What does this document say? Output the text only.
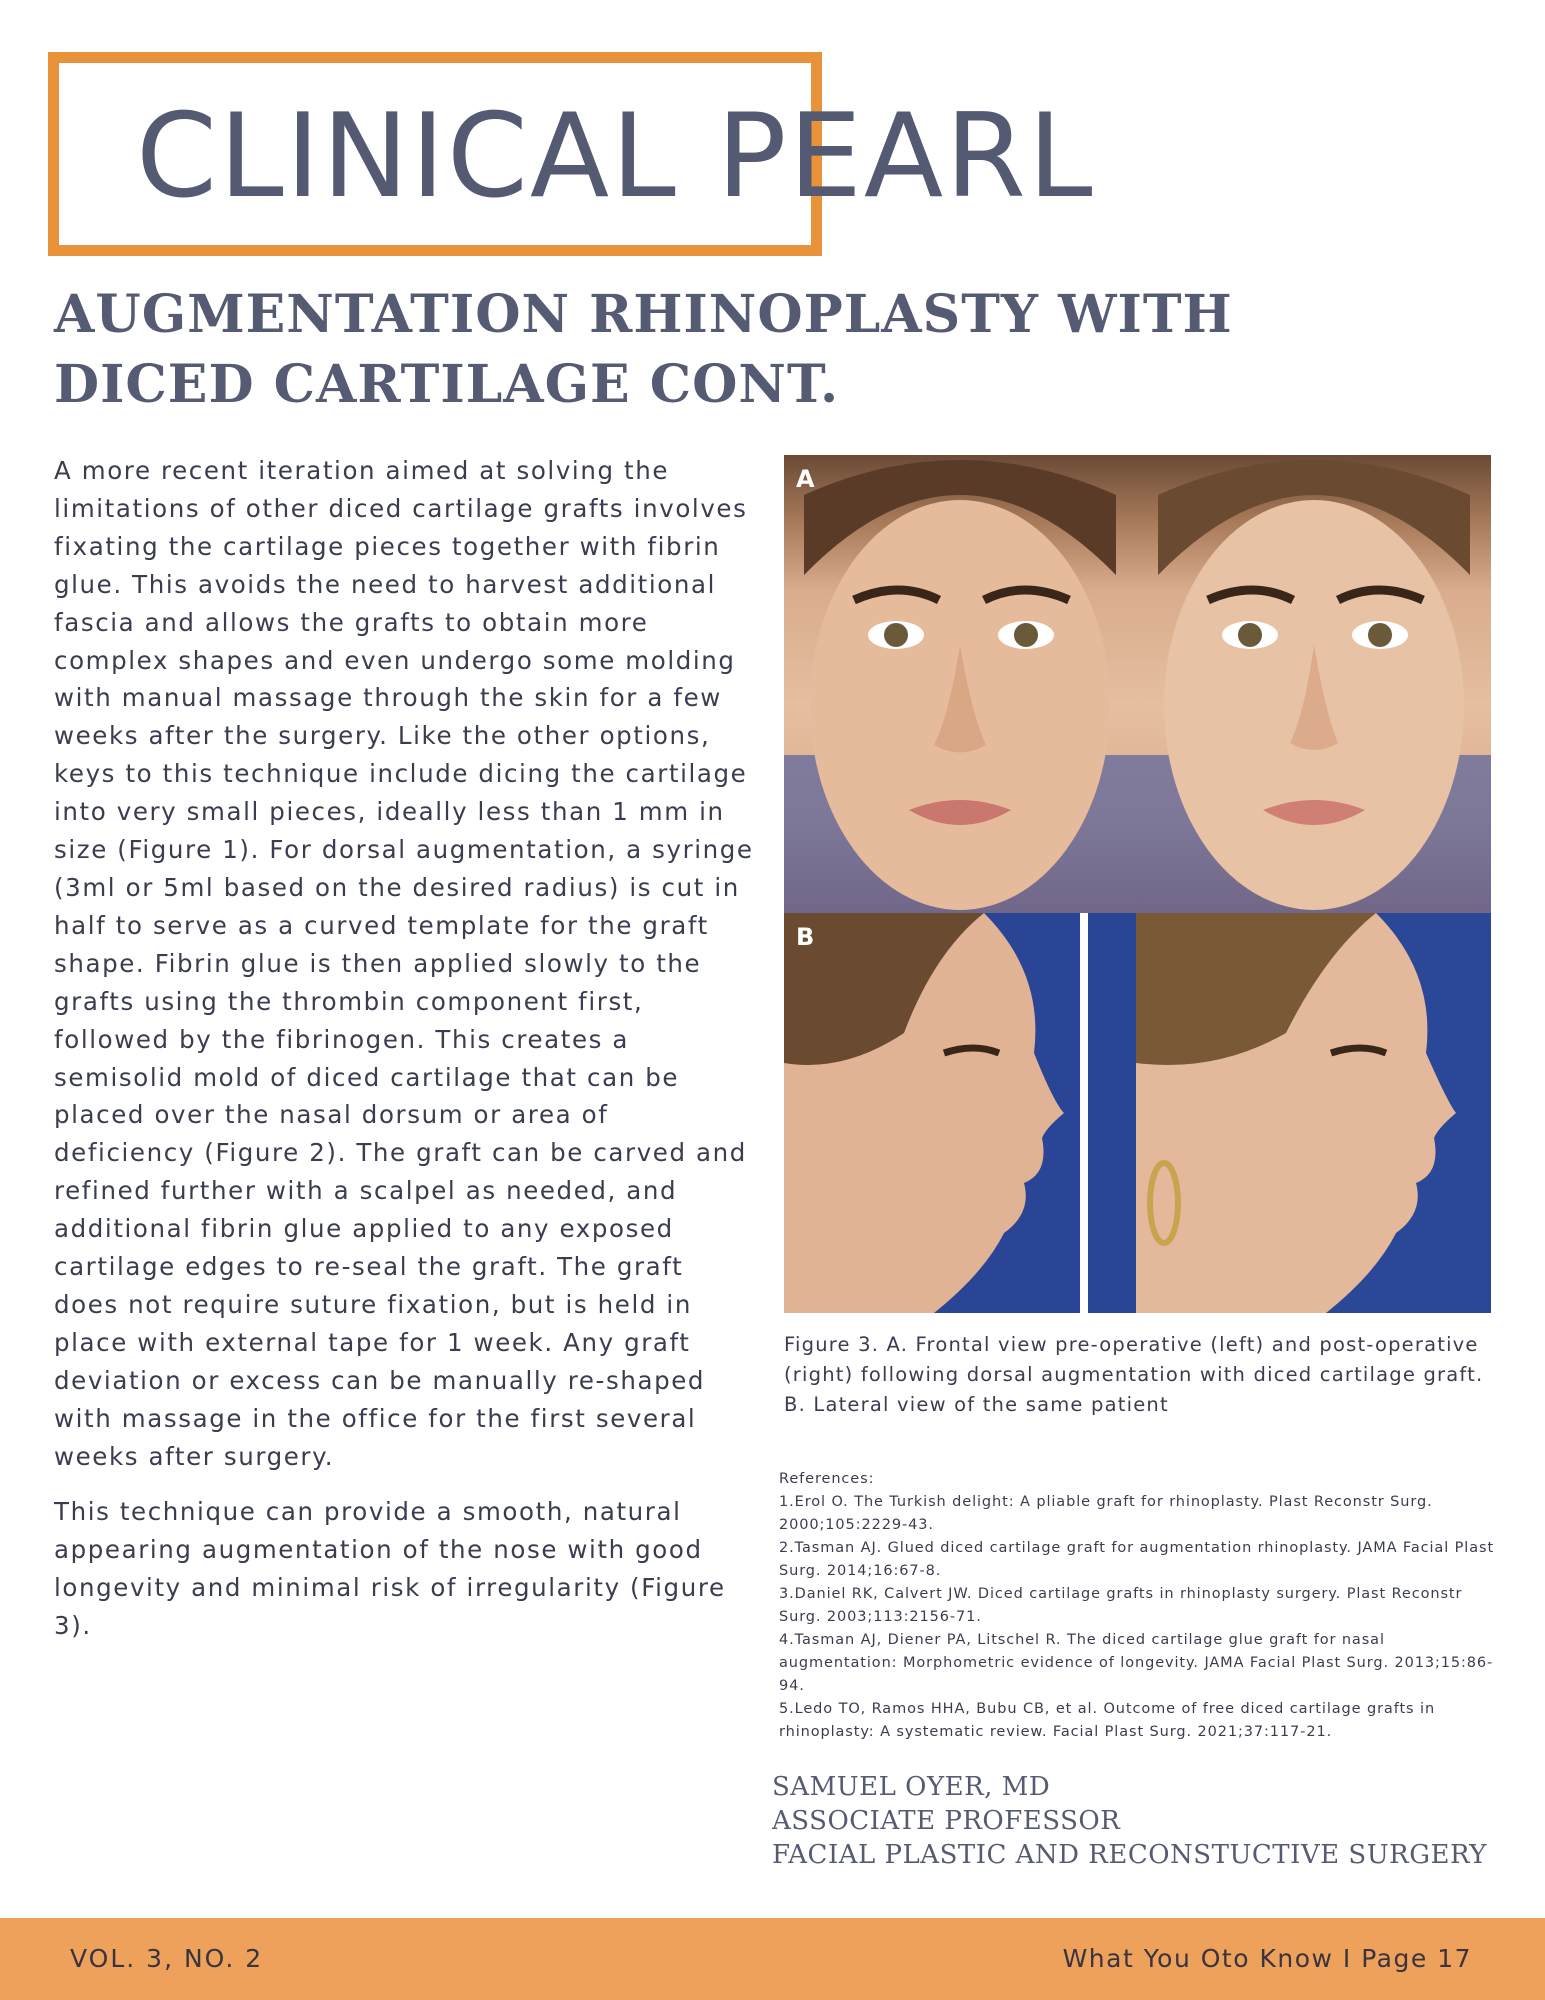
CLINICAL PEARL
AUGMENTATION RHINOPLASTY WITH
DICED CARTILAGE CONT.

A more recent iteration aimed at solving the limitations of other diced cartilage grafts involves fixating the cartilage pieces together with fibrin glue. This avoids the need to harvest additional fascia and allows the grafts to obtain more complex shapes and even undergo some molding with manual massage through the skin for a few weeks after the surgery. Like the other options, keys to this technique include dicing the cartilage into very small pieces, ideally less than 1 mm in size (Figure 1). For dorsal augmentation, a syringe (3ml or 5ml based on the desired radius) is cut in half to serve as a curved template for the graft shape. Fibrin glue is then applied slowly to the grafts using the thrombin component first, followed by the fibrinogen. This creates a semisolid mold of diced cartilage that can be placed over the nasal dorsum or area of deficiency (Figure 2). The graft can be carved and refined further with a scalpel as needed, and additional fibrin glue applied to any exposed cartilage edges to re-seal the graft. The graft does not require suture fixation, but is held in place with external tape for 1 week. Any graft deviation or excess can be manually re-shaped with massage in the office for the first several weeks after surgery.

This technique can provide a smooth, natural appearing augmentation of the nose with good longevity and minimal risk of irregularity (Figure 3).

A
B

Figure 3. A. Frontal view pre-operative (left) and post-operative (right) following dorsal augmentation with diced cartilage graft. B. Lateral view of the same patient

References:
1.Erol O. The Turkish delight: A pliable graft for rhinoplasty. Plast Reconstr Surg. 2000;105:2229-43.
2.Tasman AJ. Glued diced cartilage graft for augmentation rhinoplasty. JAMA Facial Plast Surg. 2014;16:67-8.
3.Daniel RK, Calvert JW. Diced cartilage grafts in rhinoplasty surgery. Plast Reconstr Surg. 2003;113:2156-71.
4.Tasman AJ, Diener PA, Litschel R. The diced cartilage glue graft for nasal augmentation: Morphometric evidence of longevity. JAMA Facial Plast Surg. 2013;15:86-94.
5.Ledo TO, Ramos HHA, Bubu CB, et al. Outcome of free diced cartilage grafts in rhinoplasty: A systematic review. Facial Plast Surg. 2021;37:117-21.
SAMUEL OYER, MD
ASSOCIATE PROFESSOR
FACIAL PLASTIC AND RECONSTUCTIVE SURGERY
VOL. 3, NO. 2	What You Oto Know I Page 17
